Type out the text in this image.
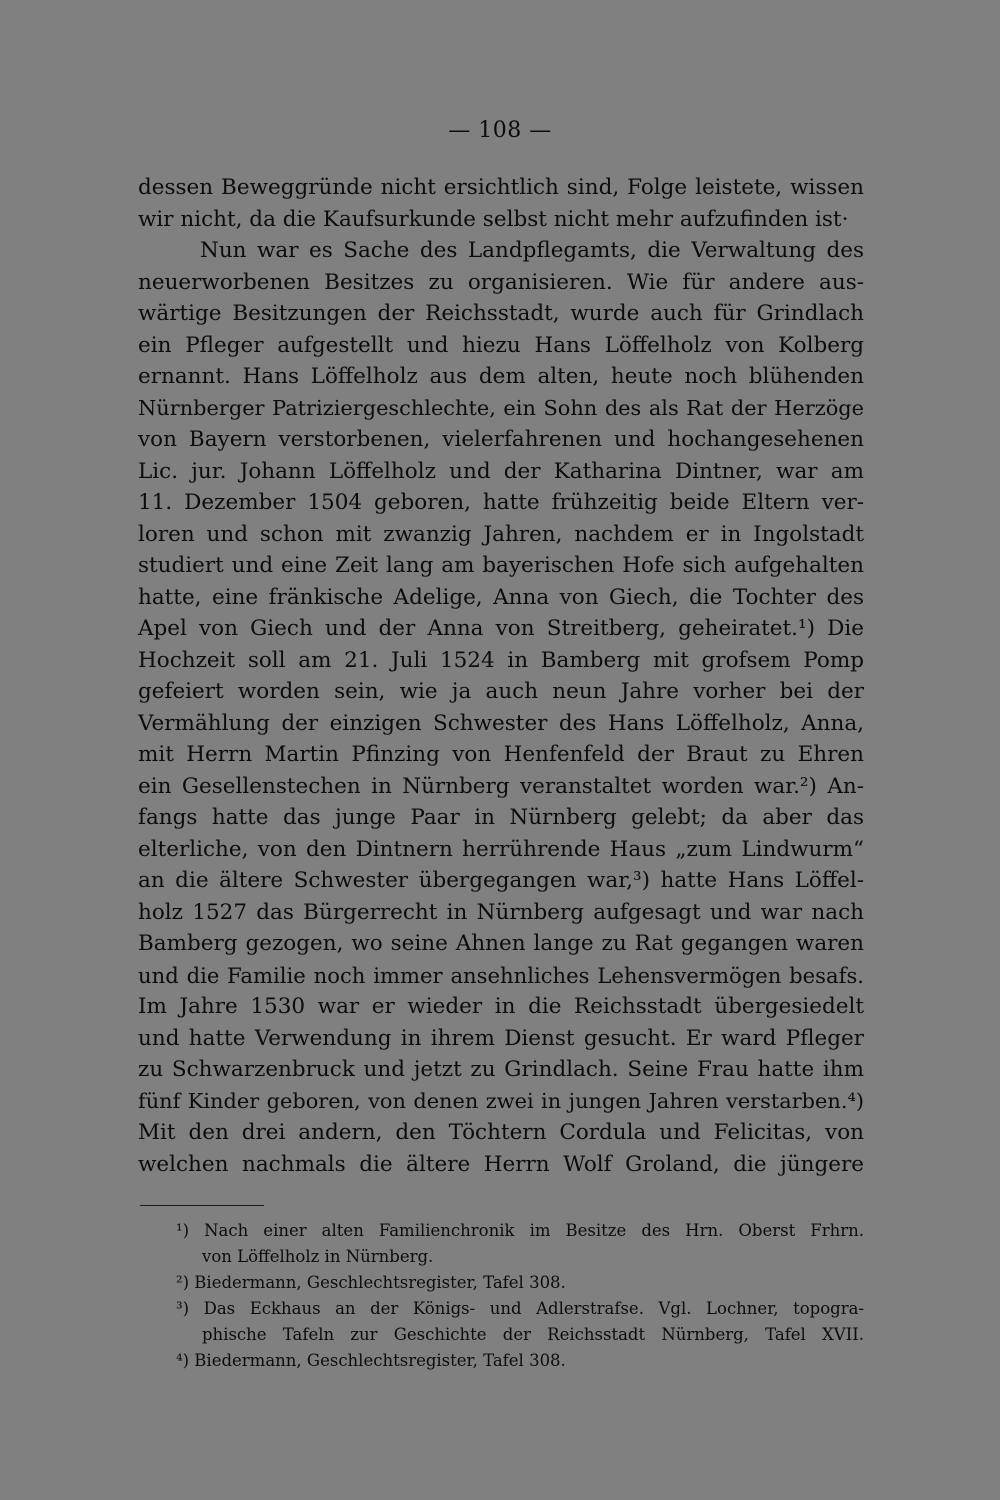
— 108 —
dessen Beweggründe nicht ersichtlich sind, Folge leistete, wissen
wir nicht, da die Kaufsurkunde selbst nicht mehr aufzufinden ist·
Nun war es Sache des Landpflegamts, die Verwaltung des
neuerworbenen Besitzes zu organisieren. Wie für andere aus-
wärtige Besitzungen der Reichsstadt, wurde auch für Grindlach
ein Pfleger aufgestellt und hiezu Hans Löffelholz von Kolberg
ernannt. Hans Löffelholz aus dem alten, heute noch blühenden
Nürnberger Patriziergeschlechte, ein Sohn des als Rat der Herzöge
von Bayern verstorbenen, vielerfahrenen und hochangesehenen
Lic. jur. Johann Löffelholz und der Katharina Dintner, war am
11. Dezember 1504 geboren, hatte frühzeitig beide Eltern ver-
loren und schon mit zwanzig Jahren, nachdem er in Ingolstadt
studiert und eine Zeit lang am bayerischen Hofe sich aufgehalten
hatte, eine fränkische Adelige, Anna von Giech, die Tochter des
Apel von Giech und der Anna von Streitberg, geheiratet.¹) Die
Hochzeit soll am 21. Juli 1524 in Bamberg mit grofsem Pomp
gefeiert worden sein, wie ja auch neun Jahre vorher bei der
Vermählung der einzigen Schwester des Hans Löffelholz, Anna,
mit Herrn Martin Pfinzing von Henfenfeld der Braut zu Ehren
ein Gesellenstechen in Nürnberg veranstaltet worden war.²) An-
fangs hatte das junge Paar in Nürnberg gelebt; da aber das
elterliche, von den Dintnern herrührende Haus „zum Lindwurm“
an die ältere Schwester übergegangen war,³) hatte Hans Löffel-
holz 1527 das Bürgerrecht in Nürnberg aufgesagt und war nach
Bamberg gezogen, wo seine Ahnen lange zu Rat gegangen waren
und die Familie noch immer ansehnliches Lehensvermögen besafs.
Im Jahre 1530 war er wieder in die Reichsstadt übergesiedelt
und hatte Verwendung in ihrem Dienst gesucht. Er ward Pfleger
zu Schwarzenbruck und jetzt zu Grindlach. Seine Frau hatte ihm
fünf Kinder geboren, von denen zwei in jungen Jahren verstarben.⁴)
Mit den drei andern, den Töchtern Cordula und Felicitas, von
welchen nachmals die ältere Herrn Wolf Groland, die jüngere
¹) Nach einer alten Familienchronik im Besitze des Hrn. Oberst Frhrn.
von Löffelholz in Nürnberg.
²) Biedermann, Geschlechtsregister, Tafel 308.
³) Das Eckhaus an der Königs- und Adlerstrafse. Vgl. Lochner, topogra-
phische Tafeln zur Geschichte der Reichsstadt Nürnberg, Tafel XVII.
⁴) Biedermann, Geschlechtsregister, Tafel 308.
